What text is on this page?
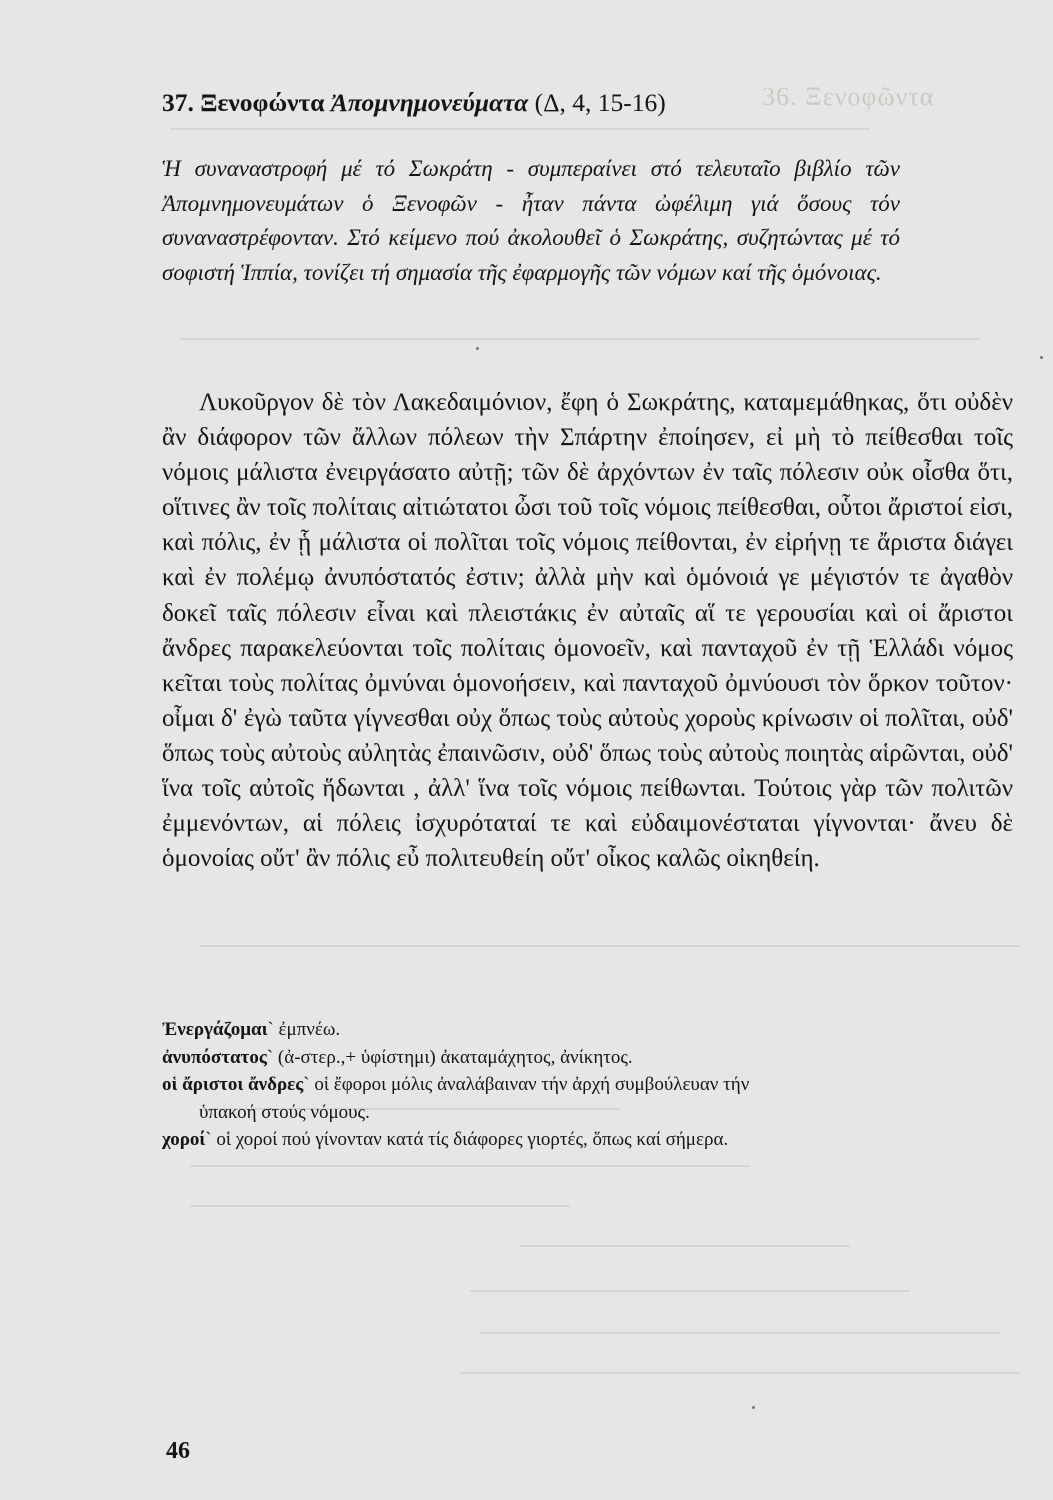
36. Ξενοφῶντα
37. Ξενοφώντα Ἀπομνημονεύματα (Δ, 4, 15-16)
Ἡ συναναστροφή μέ τό Σωκράτη - συμπεραίνει στό τελευταῖο βιβλίο τῶν Ἀπομνημονευμάτων ὁ Ξενοφῶν - ἦταν πάντα ὠφέλιμη γιά ὅσους τόν συναναστρέφονταν. Στό κείμενο πού ἀκολουθεῖ ὁ Σωκράτης, συζητώντας μέ τό σοφιστή Ἱππία, τονίζει τή σημασία τῆς ἐφαρμογῆς τῶν νόμων καί τῆς ὁμόνοιας.
Λυκοῦργον δὲ τὸν Λακεδαιμόνιον, ἔφη ὁ Σωκράτης, καταμεμάθηκας, ὅτι οὐδὲν ἂν διάφορον τῶν ἄλλων πόλεων τὴν Σπάρτην ἐποίησεν, εἰ μὴ τὸ πείθεσθαι τοῖς νόμοις μάλιστα ἐνειργάσατο αὐτῇ; τῶν δὲ ἀρχόντων ἐν ταῖς πόλεσιν οὐκ οἶσθα ὅτι, οἵτινες ἂν τοῖς πολίταις αἰτιώτατοι ὦσι τοῦ τοῖς νόμοις πείθεσθαι, οὗτοι ἄριστοί εἰσι, καὶ πόλις, ἐν ᾗ μάλιστα οἱ πολῖται τοῖς νόμοις πείθονται, ἐν εἰρήνῃ τε ἄριστα διάγει καὶ ἐν πολέμῳ ἀνυπόστατός ἐστιν; ἀλλὰ μὴν καὶ ὁμόνοιά γε μέγιστόν τε ἀγαθὸν δοκεῖ ταῖς πόλεσιν εἶναι καὶ πλειστάκις ἐν αὐταῖς αἵ τε γερουσίαι καὶ οἱ ἄριστοι ἄνδρες παρακελεύονται τοῖς πολίταις ὁμονοεῖν, καὶ πανταχοῦ ἐν τῇ Ἑλλάδι νόμος κεῖται τοὺς πολίτας ὀμνύναι ὁμονοήσειν, καὶ πανταχοῦ ὀμνύουσι τὸν ὅρκον τοῦτον· οἶμαι δ' ἐγὼ ταῦτα γίγνεσθαι οὐχ ὅπως τοὺς αὐτοὺς χοροὺς κρίνωσιν οἱ πολῖται, οὐδ' ὅπως τοὺς αὐτοὺς αὐλητὰς ἐπαινῶσιν, οὐδ' ὅπως τοὺς αὐτοὺς ποιητὰς αἱρῶνται, οὐδ' ἵνα τοῖς αὐτοῖς ἥδωνται , ἀλλ' ἵνα τοῖς νόμοις πείθωνται. Τούτοις γὰρ τῶν πολιτῶν ἐμμενόντων, αἱ πόλεις ἰσχυρόταταί τε καὶ εὐδαιμονέσταται γίγνονται· ἄνευ δὲ ὁμονοίας οὔτ' ἂν πόλις εὖ πολιτευθείη οὔτ' οἶκος καλῶς οἰκηθείη.
Ἐνεργάζομαι` ἐμπνέω.
ἀνυπόστατος` (ἀ-στερ.,+ ὑφίστημι) ἀκαταμάχητος, ἀνίκητος.
οἱ ἄριστοι ἄνδρες` οἱ ἔφοροι μόλις ἀναλάβαιναν τήν ἀρχή συμβούλευαν τήν
ὑπακοή στούς νόμους.
χοροί` οἱ χοροί πού γίνονταν κατά τίς διάφορες γιορτές, ὅπως καί σήμερα.
46
